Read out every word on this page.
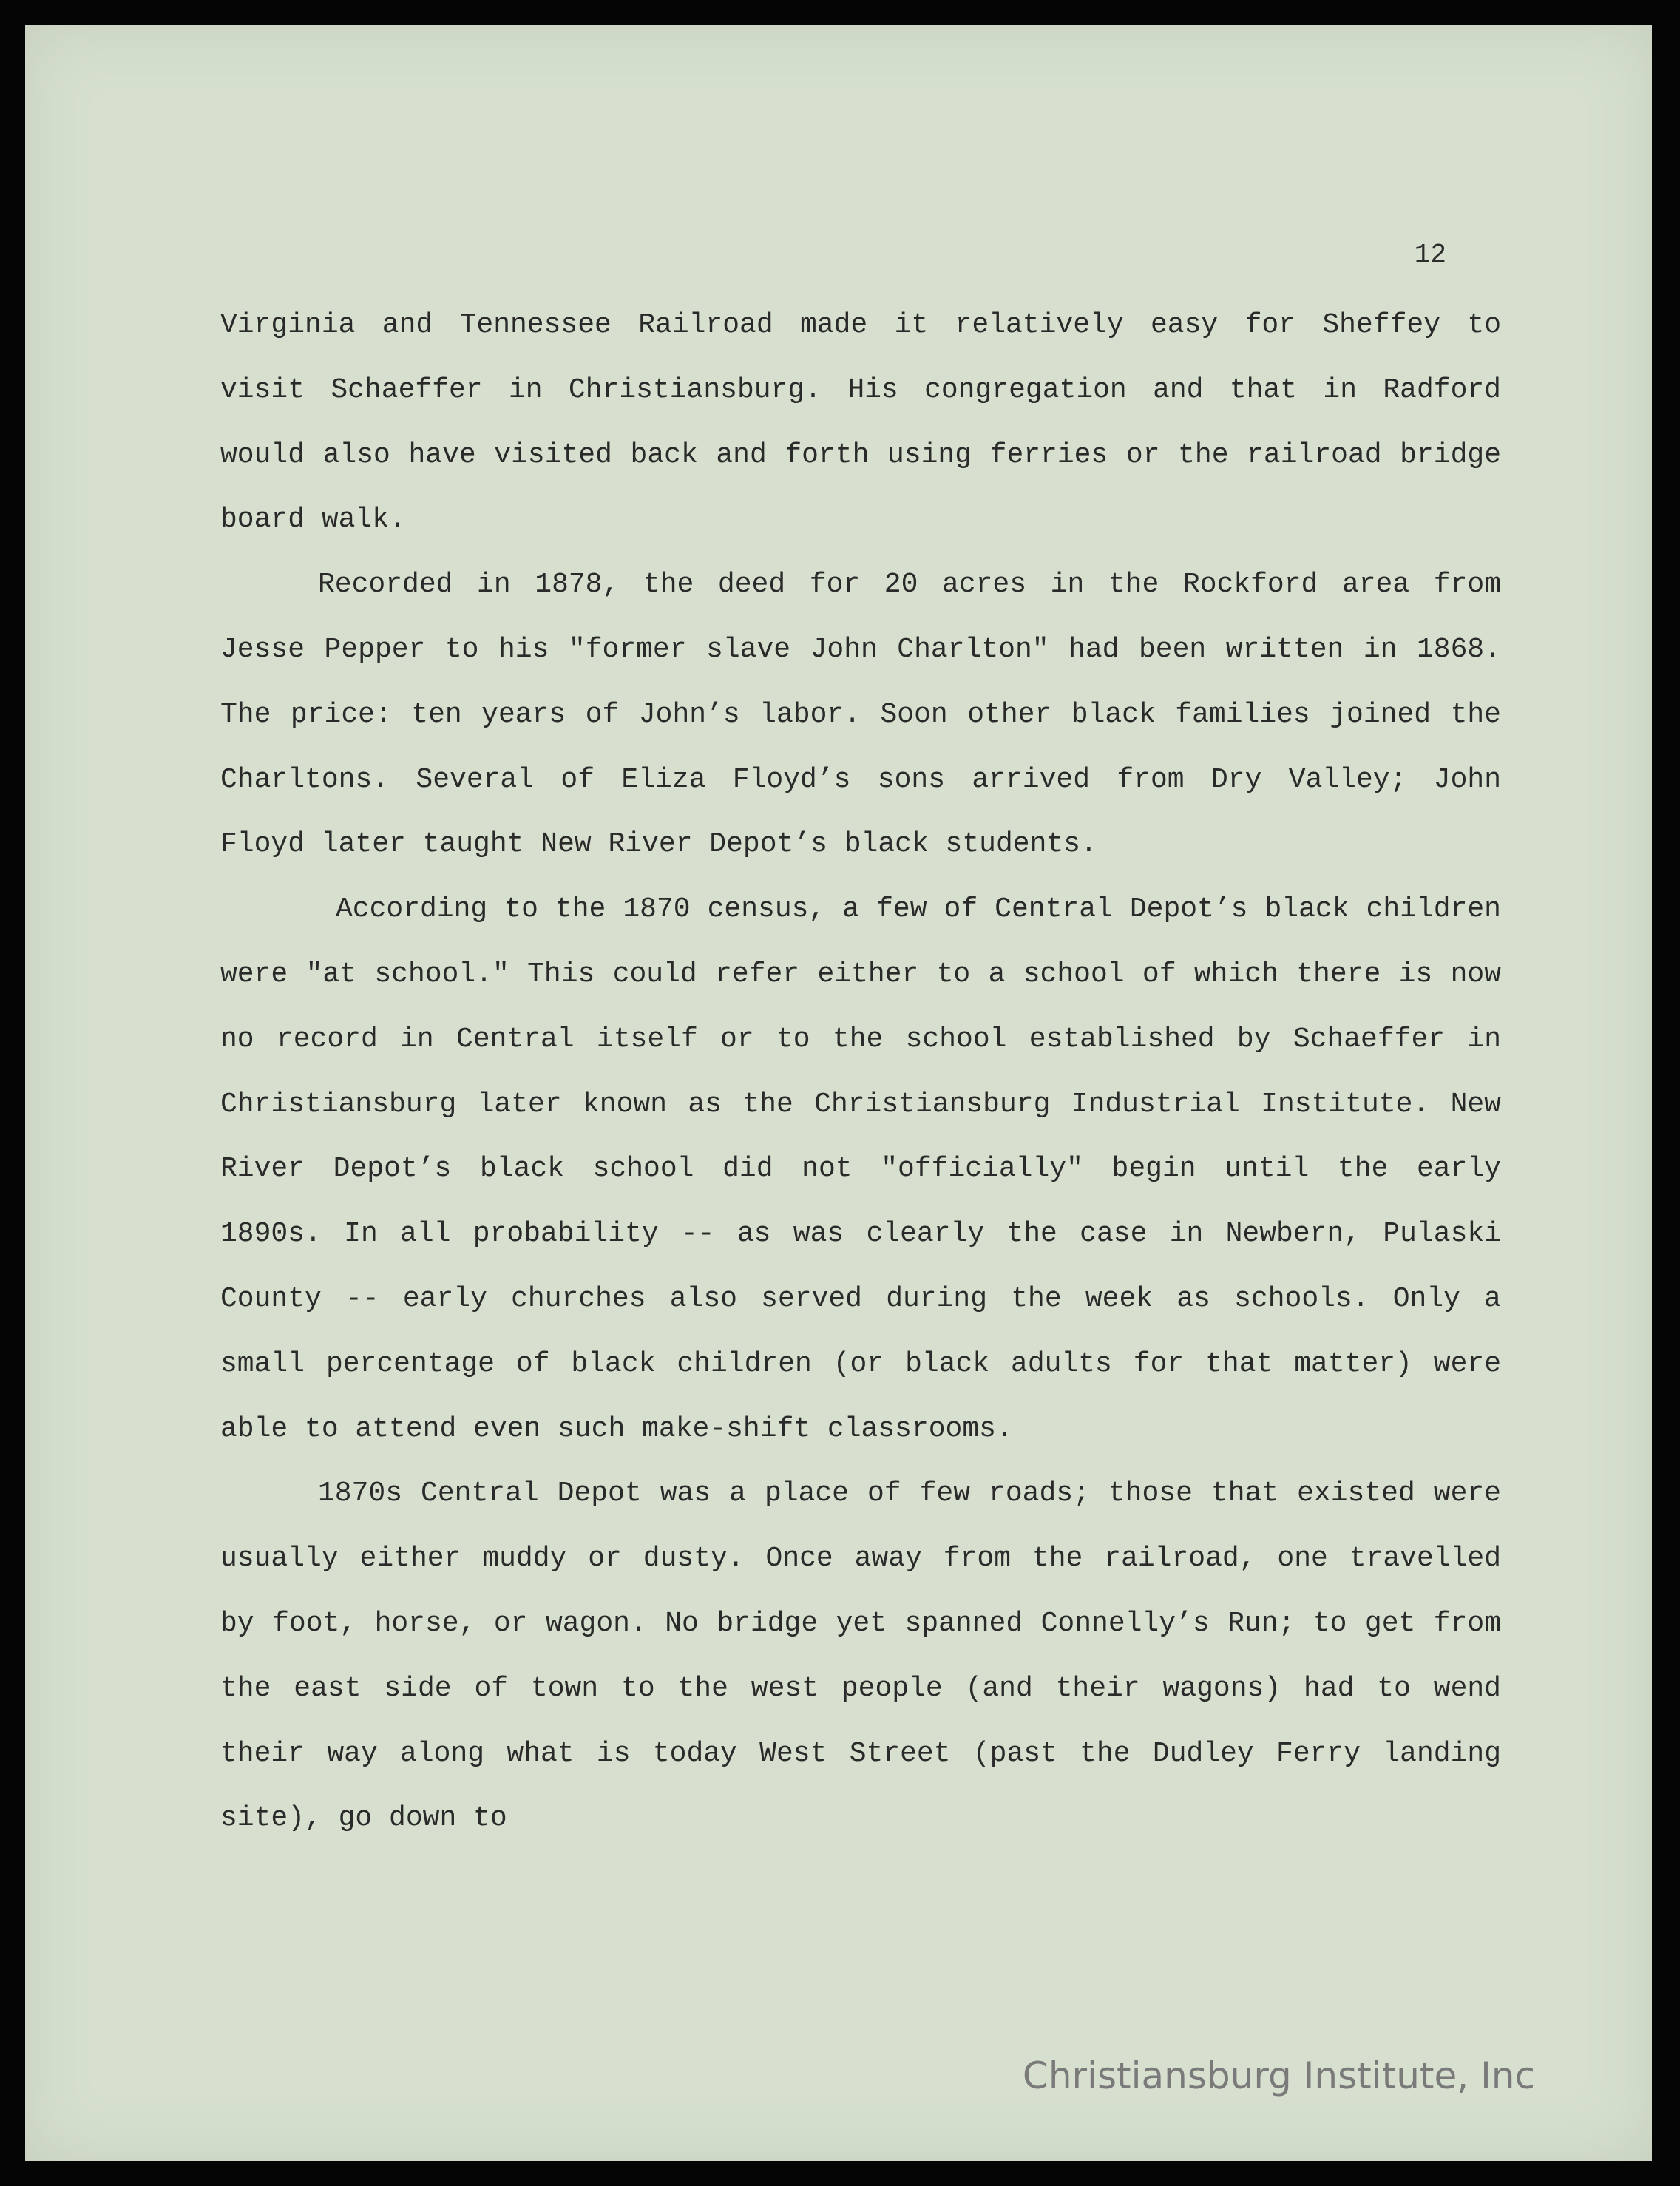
12

Virginia and Tennessee Railroad made it relatively easy for Sheffey to visit Schaeffer in Christiansburg. His congregation and that in Radford would also have visited back and forth using ferries or the railroad bridge board walk.

Recorded in 1878, the deed for 20 acres in the Rockford area from Jesse Pepper to his "former slave John Charlton" had been written in 1868. The price: ten years of John’s labor. Soon other black families joined the Charltons. Several of Eliza Floyd’s sons arrived from Dry Valley; John Floyd later taught New River Depot’s black students.

According to the 1870 census, a few of Central Depot’s black children were "at school." This could refer either to a school of which there is now no record in Central itself or to the school established by Schaeffer in Christiansburg later known as the Christiansburg Industrial Institute. New River Depot’s black school did not "officially" begin until the early 1890s. In all probability -- as was clearly the case in Newbern, Pulaski County -- early churches also served during the week as schools. Only a small percentage of black children (or black adults for that matter) were able to attend even such make-shift classrooms.

1870s Central Depot was a place of few roads; those that existed were usually either muddy or dusty. Once away from the railroad, one travelled by foot, horse, or wagon. No bridge yet spanned Connelly’s Run; to get from the east side of town to the west people (and their wagons) had to wend their way along what is today West Street (past the Dudley Ferry landing site), go down to

Christiansburg Institute, Inc
